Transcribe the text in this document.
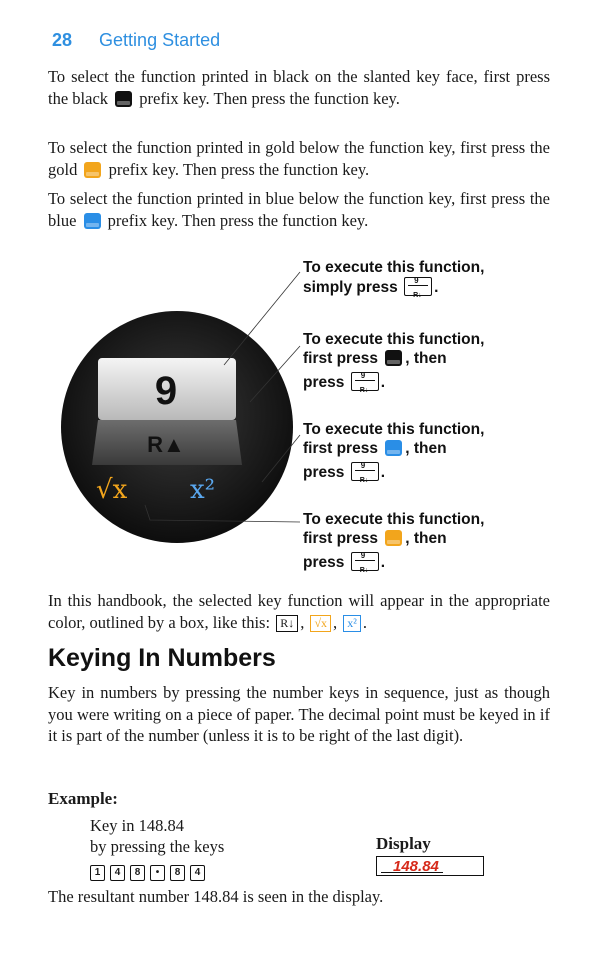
28 Getting Started
To select the function printed in black on the slanted key face, first press the black prefix key. Then press the function key.
To select the function printed in gold below the function key, first press the gold prefix key. Then press the function key.
To select the function printed in blue below the function key, first press the blue prefix key. Then press the function key.
9
R▲
√x x²
To execute this function,
simply press 9
R↓ .
To execute this function,
first press , then
press 9
R↓ .
To execute this function,
first press , then
press 9
R↓ .
To execute this function,
first press , then
press 9
R↓ .
In this handbook, the selected key function will appear in the appropriate color, outlined by a box, like this: R↓ , √x , x² .
Keying In Numbers
Key in numbers by pressing the number keys in sequence, just as though you were writing on a piece of paper. The decimal point must be keyed in if it is part of the number (unless it is to be right of the last digit).
Example:
Key in 148.84
by pressing the keys
1 4 8 • 8 4
Display
148.84
The resultant number 148.84 is seen in the display.
